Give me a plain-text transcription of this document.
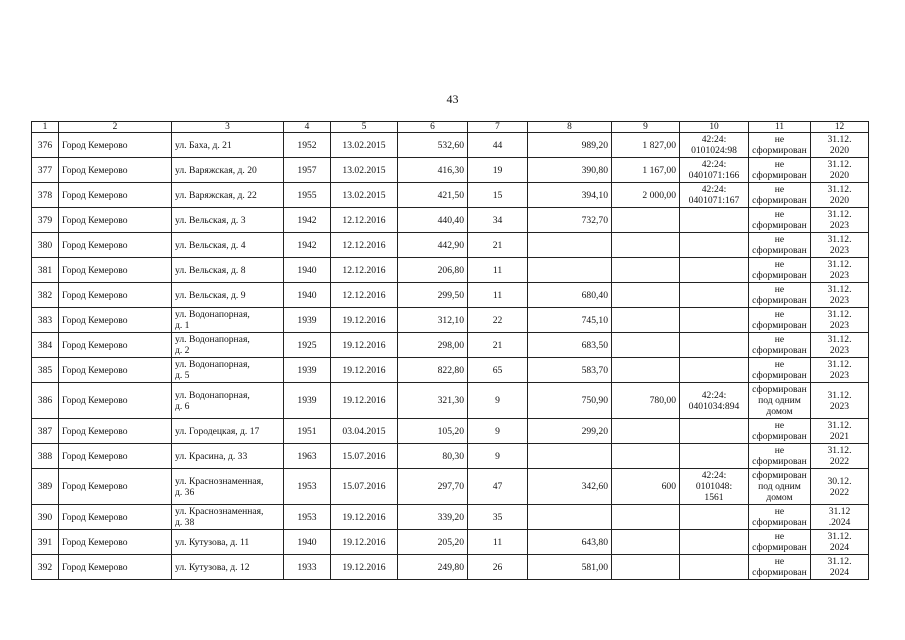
43
1	2	3	4	5	6	7	8	9	10	11	12
376	Город Кемерово	ул. Баха, д. 21	1952	13.02.2015	532,60	44	989,20	1 827,00	42:24:
0101024:98	не
сформирован	31.12.
2020
377	Город Кемерово	ул. Варяжская, д. 20	1957	13.02.2015	416,30	19	390,80	1 167,00	42:24:
0401071:166	не
сформирован	31.12.
2020
378	Город Кемерово	ул. Варяжская, д. 22	1955	13.02.2015	421,50	15	394,10	2 000,00	42:24:
0401071:167	не
сформирован	31.12.
2020
379	Город Кемерово	ул. Вельская, д. 3	1942	12.12.2016	440,40	34	732,70			не
сформирован	31.12.
2023
380	Город Кемерово	ул. Вельская, д. 4	1942	12.12.2016	442,90	21				не
сформирован	31.12.
2023
381	Город Кемерово	ул. Вельская, д. 8	1940	12.12.2016	206,80	11				не
сформирован	31.12.
2023
382	Город Кемерово	ул. Вельская, д. 9	1940	12.12.2016	299,50	11	680,40			не
сформирован	31.12.
2023
383	Город Кемерово	ул. Водонапорная,
д. 1	1939	19.12.2016	312,10	22	745,10			не
сформирован	31.12.
2023
384	Город Кемерово	ул. Водонапорная,
д. 2	1925	19.12.2016	298,00	21	683,50			не
сформирован	31.12.
2023
385	Город Кемерово	ул. Водонапорная,
д. 5	1939	19.12.2016	822,80	65	583,70			не
сформирован	31.12.
2023
386	Город Кемерово	ул. Водонапорная,
д. 6	1939	19.12.2016	321,30	9	750,90	780,00	42:24:
0401034:894	сформирован
под одним
домом	31.12.
2023
387	Город Кемерово	ул. Городецкая, д. 17	1951	03.04.2015	105,20	9	299,20			не
сформирован	31.12.
2021
388	Город Кемерово	ул. Красина, д. 33	1963	15.07.2016	80,30	9				не
сформирован	31.12.
2022
389	Город Кемерово	ул. Краснознаменная,
д. 36	1953	15.07.2016	297,70	47	342,60	600	42:24:
0101048:
1561	сформирован
под одним
домом	30.12.
2022
390	Город Кемерово	ул. Краснознаменная,
д. 38	1953	19.12.2016	339,20	35				не
сформирован	31.12
.2024
391	Город Кемерово	ул. Кутузова, д. 11	1940	19.12.2016	205,20	11	643,80			не
сформирован	31.12.
2024
392	Город Кемерово	ул. Кутузова, д. 12	1933	19.12.2016	249,80	26	581,00			не
сформирован	31.12.
2024
